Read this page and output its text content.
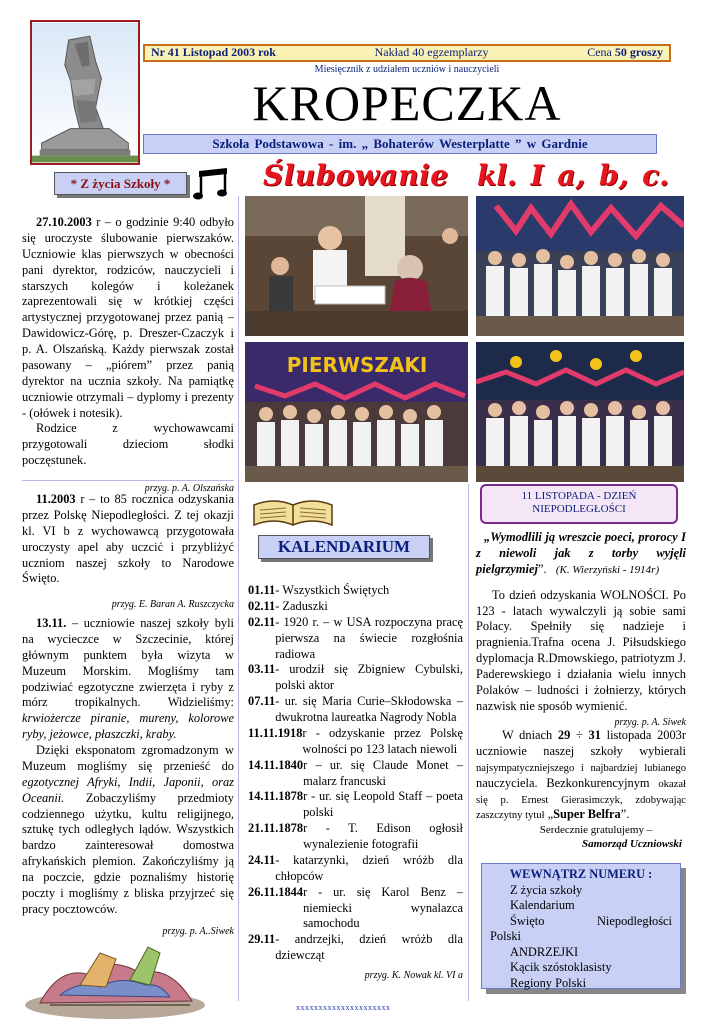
Nr 41 Listopad 2003 rok	Nakład 40 egzemplarzy	Cena 50 groszy
Miesięcznik z udziałem uczniów i nauczycieli
KROPECZKA
Szkoła Podstawowa - im. „ Bohaterów Westerplatte ” w Gardnie
* Z życia Szkoły *	Ślubowanie kl. I a, b, c.

27.10.2003 r – o godzinie 9:40 odbyło się uroczyste ślubowanie pierwszaków. Uczniowie klas pierwszych w obecności pani dyrektor, rodziców, nauczycieli i starszych kolegów i koleżanek zaprezentowali się w krótkiej części artystycznej przygotowanej przez panią – Dawidowicz-Górę, p. Dreszer-Czaczyk i p. A. Olszańską. Każdy pierwszak został pasowany – „piórem” przez panią dyrektor na ucznia szkoły. Na pamiątkę uczniowie otrzymali – dyplomy i prezenty - (ołówek i notesik).

Rodzice z wychowawcami przygotowali dzieciom słodki poczęstunek.

przyg. p. A. Olszańska

11.2003 r – to 85 rocznica odzyskania przez Polskę Niepodległości. Z tej okazji kl. VI b z wychowawcą przygotowała uroczysty apel aby uczcić i przybliżyć uczniom naszej szkoły to Narodowe Święto.

przyg. E. Baran A. Ruszczycka

13.11. – uczniowie naszej szkoły byli na wycieczce w Szczecinie, której głównym punktem była wizyta w Muzeum Morskim. Mogliśmy tam podziwiać egzotyczne zwierzęta i ryby z mórz tropikalnych. Widzieliśmy: krwiożercze piranie, mureny, kolorowe ryby, jeżowce, płaszczki, kraby.

Dzięki eksponatom zgromadzonym w Muzeum mogliśmy się przenieść do egzotycznej Afryki, Indii, Japonii, oraz Oceanii. Zobaczyliśmy przedmioty codziennego użytku, kultu religijnego, sztukę tych odległych lądów. Wszystkich bardzo zainteresował domostwa afrykańskich plemion. Zakończyliśmy ją na poczcie, gdzie poznaliśmy historię poczty i mogliśmy z bliska przyjrzeć się pracy pocztowców.

przyg. p. A..Siwek
PIERWSZAKI
KALENDARIUM
01.11 - Wszystkich Świętych
02.11 - Zaduszki
02.11 - 1920 r. – w USA rozpoczyna pracę pierwsza na świecie rozgłośnia radiowa
03.11 - urodził się Zbigniew Cybulski, polski aktor
07.11 - ur. się Maria Curie–Skłodowska – dwukrotna laureatka Nagrody Nobla
11.11.1918 r - odzyskanie przez Polskę wolności po 123 latach niewoli
14.11.1840 r – ur. się Claude Monet – malarz francuski
14.11.1878 r - ur. się Leopold Staff – poeta polski
21.11.1878 r - T. Edison ogłosił wynalezienie fotografii
24.11 - katarzynki, dzień wróżb dla chłopców
26.11.1844 r - ur. się Karol Benz – niemiecki wynalazca samochodu
29.11 - andrzejki, dzień wróżb dla dziewcząt
przyg. K. Nowak kl. VI a
xxxxxxxxxxxxxxxxxxxxx
11 LISTOPADA - DZIEŃ
NIEPODLEGŁOŚCI

„Wymodlili ją wreszcie poeci, prorocy I z niewoli jak z torby wyjęli pielgrzymiej”. (K. Wierzyński - 1914r)

To dzień odzyskania WOLNOŚCI. Po 123 - latach wywalczyli ją sobie sami Polacy. Spełniły się nadzieje i pragnienia.Trafna ocena J. Piłsudskiego dyplomacja R.Dmowskiego, patriotyzm J. Paderewskiego i działania wielu innych Polaków – ludności i żołnierzy, których nazwisk nie sposób wymienić.

przyg. p. A. Siwek

W dniach 29 ÷ 31 listopada 2003r uczniowie naszej szkoły wybierali najsympatyczniejszego i najbardziej lubianego nauczyciela. Bezkonkurencyjnym okazał się p. Ernest Gierasimczyk, zdobywając zaszczytny tytuł „Super Belfra”.

Serdecznie gratulujemy –
Samorząd Uczniowski
WEWNĄTRZ NUMERU :
Z życia szkoły
Kalendarium
Święto	Niepodległości
Polski
ANDRZEJKI
Kącik szóstoklasisty
Regiony Polski
